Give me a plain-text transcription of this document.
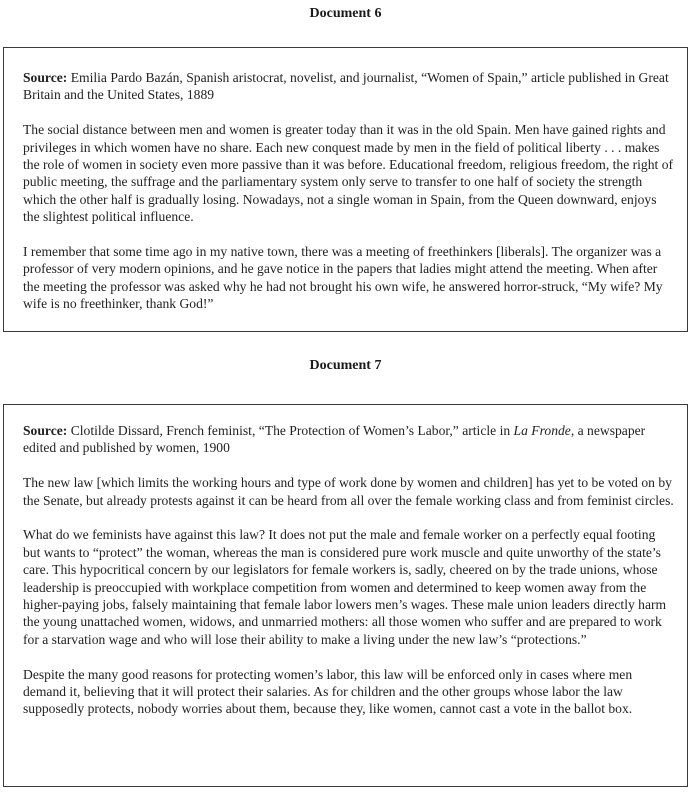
Document 6

Source: Emilia Pardo Bazán, Spanish aristocrat, novelist, and journalist, “Women of Spain,” article published in Great Britain and the United States, 1889

The social distance between men and women is greater today than it was in the old Spain. Men have gained rights and privileges in which women have no share. Each new conquest made by men in the field of political liberty . . . makes the role of women in society even more passive than it was before. Educational freedom, religious freedom, the right of public meeting, the suffrage and the parliamentary system only serve to transfer to one half of society the strength which the other half is gradually losing. Nowadays, not a single woman in Spain, from the Queen downward, enjoys the slightest political influence.

I remember that some time ago in my native town, there was a meeting of freethinkers [liberals]. The organizer was a professor of very modern opinions, and he gave notice in the papers that ladies might attend the meeting. When after the meeting the professor was asked why he had not brought his own wife, he answered horror-struck, “My wife? My wife is no freethinker, thank God!”

Document 7

Source: Clotilde Dissard, French feminist, “The Protection of Women’s Labor,” article in La Fronde, a newspaper edited and published by women, 1900

The new law [which limits the working hours and type of work done by women and children] has yet to be voted on by the Senate, but already protests against it can be heard from all over the female working class and from feminist circles.

What do we feminists have against this law? It does not put the male and female worker on a perfectly equal footing but wants to “protect” the woman, whereas the man is considered pure work muscle and quite unworthy of the state’s care. This hypocritical concern by our legislators for female workers is, sadly, cheered on by the trade unions, whose leadership is preoccupied with workplace competition from women and determined to keep women away from the higher-paying jobs, falsely maintaining that female labor lowers men’s wages. These male union leaders directly harm the young unattached women, widows, and unmarried mothers: all those women who suffer and are prepared to work for a starvation wage and who will lose their ability to make a living under the new law’s “protections.”

Despite the many good reasons for protecting women’s labor, this law will be enforced only in cases where men demand it, believing that it will protect their salaries. As for children and the other groups whose labor the law supposedly protects, nobody worries about them, because they, like women, cannot cast a vote in the ballot box.
